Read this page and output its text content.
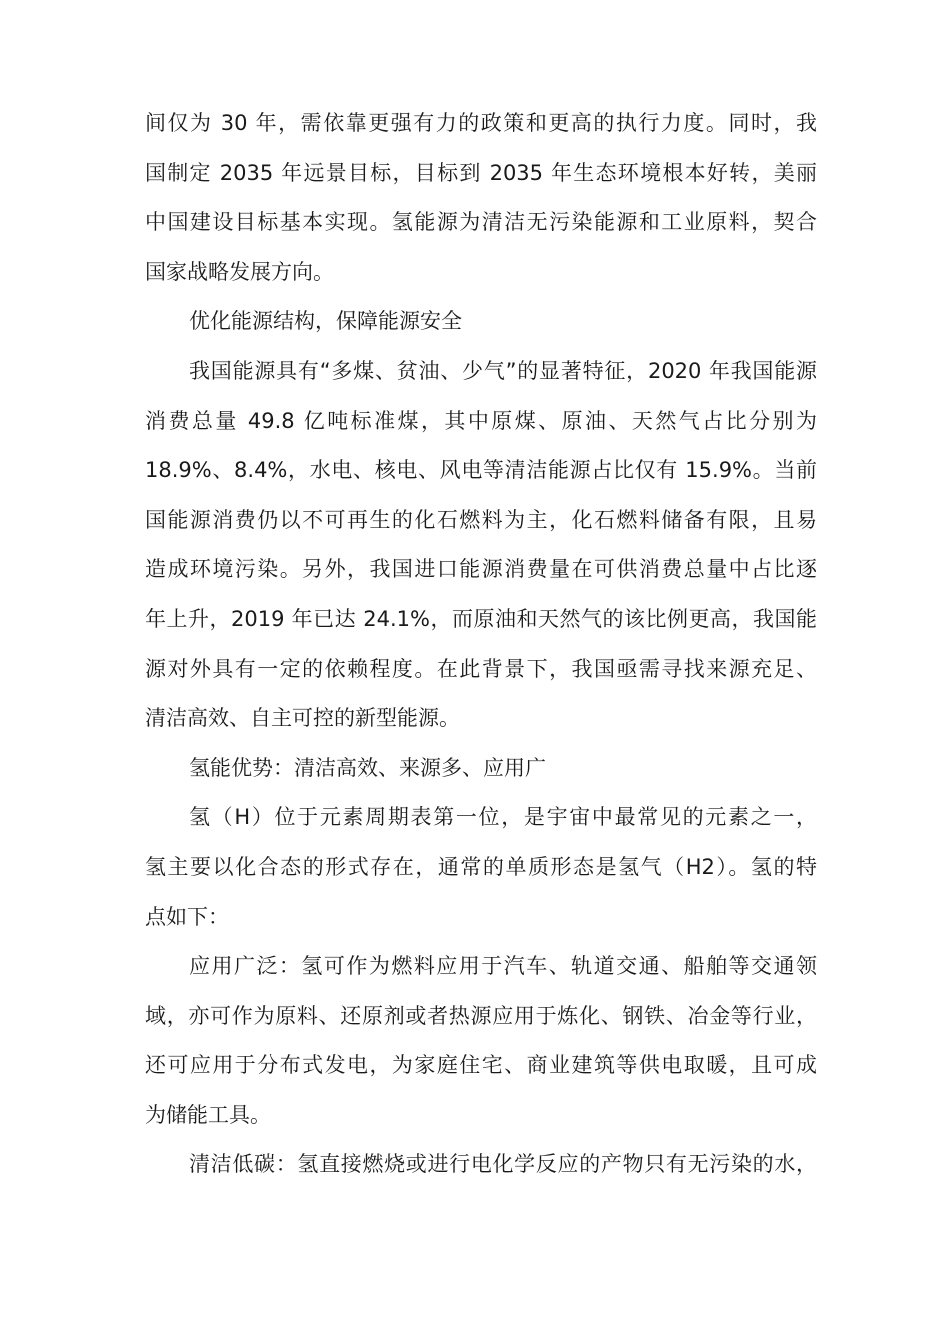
间仅为 30 年，需依靠更强有力的政策和更高的执行力度。同时，我
国制定 2035 年远景目标，目标到 2035 年生态环境根本好转，美丽
中国建设目标基本实现。氢能源为清洁无污染能源和工业原料，契合
国家战略发展方向。
优化能源结构，保障能源安全
我国能源具有“多煤、贫油、少气”的显著特征，2020 年我国能源
消费总量 49.8 亿吨标准煤，其中原煤、原油、天然气占比分别为
18.9%、8.4%，水电、核电、风电等清洁能源占比仅有 15.9%。当前
国能源消费仍以不可再生的化石燃料为主，化石燃料储备有限，且易
造成环境污染。另外，我国进口能源消费量在可供消费总量中占比逐
年上升，2019 年已达 24.1%，而原油和天然气的该比例更高，我国能
源对外具有一定的依赖程度。在此背景下，我国亟需寻找来源充足、
清洁高效、自主可控的新型能源。
氢能优势：清洁高效、来源多、应用广
氢（H）位于元素周期表第一位，是宇宙中最常见的元素之一，
氢主要以化合态的形式存在，通常的单质形态是氢气（H2）。氢的特
点如下：
应用广泛：氢可作为燃料应用于汽车、轨道交通、船舶等交通领
域，亦可作为原料、还原剂或者热源应用于炼化、钢铁、冶金等行业，
还可应用于分布式发电，为家庭住宅、商业建筑等供电取暖，且可成
为储能工具。
清洁低碳：氢直接燃烧或进行电化学反应的产物只有无污染的水，
